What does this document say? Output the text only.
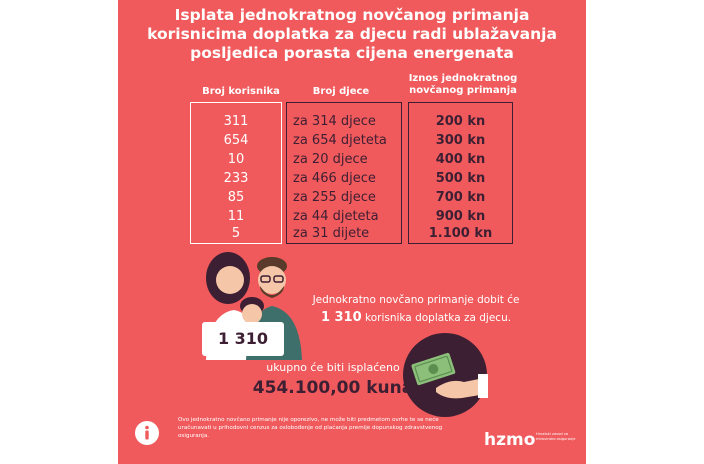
Isplata jednokratnog novčanog primanja
korisnicima doplatka za djecu radi ublažavanja
posljedica porasta cijena energenata
Broj korisnika	Broj djece
Iznos jednokratnog
novčanog primanja
311	za 314 djece	200 kn
654	za 654 djeteta	300 kn
10	za 20 djece	400 kn
233	za 466 djece	500 kn
85	za 255 djece	700 kn
11	za 44 djeteta	900 kn
5	za 31 dijete	1.100 kn
1 310
Jednokratno novčano primanje dobit će
1 310 korisnika doplatka za djecu.
ukupno će biti isplaćeno
454.100,00 kuna
Ovo jednokratno novčano primanje nije oporezivo, ne može biti predmetom ovrhe te se neće uračunavati u prihodovni cenzus za oslobođenje od plaćanja premije dopunskog zdravstvenog osiguranja.	hzmo Hrvatski zavod za mirovinsko osiguranje
